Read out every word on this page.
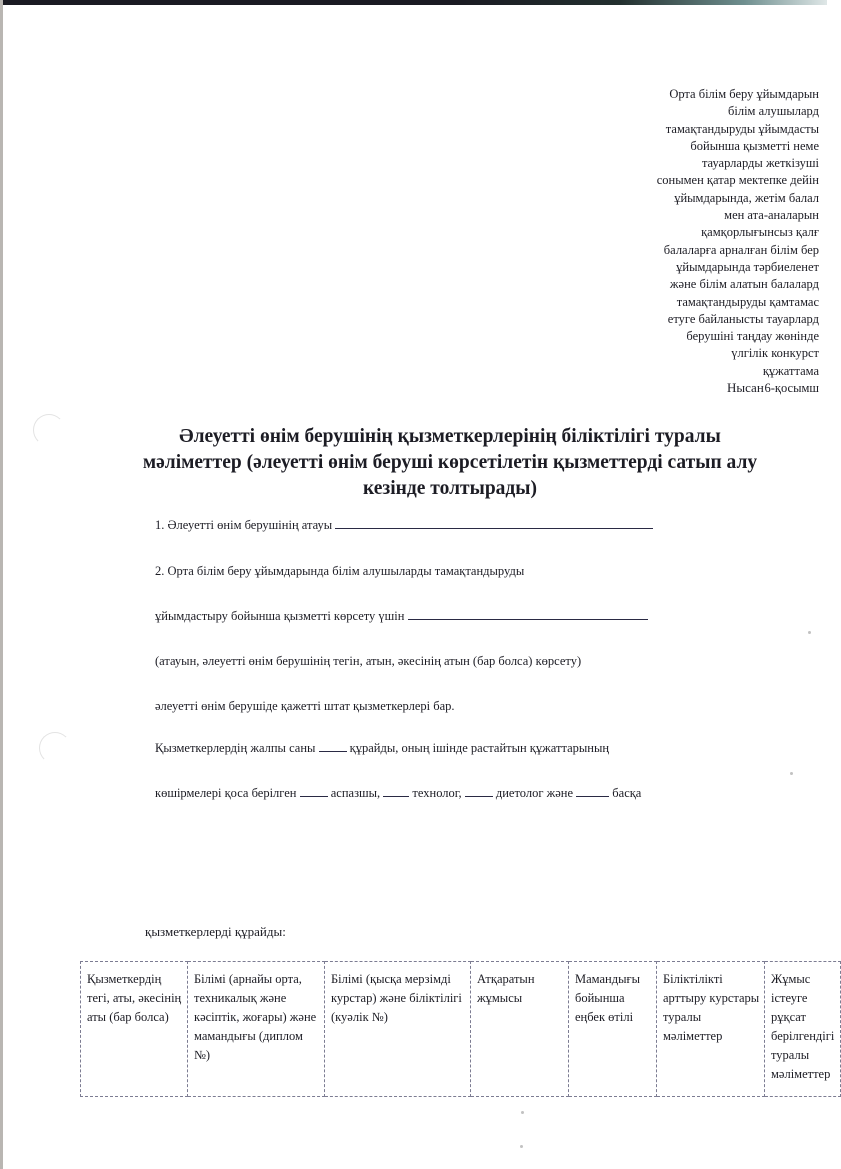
Орта білім беру ұйымдарын
білім алушылард
тамақтандыруды ұйымдасты
бойынша қызметті неме
тауарларды жеткізуші
сонымен қатар мектепке дейін
ұйымдарында, жетім балал
мен ата-аналарын
қамқорлығынсыз қалғ
балаларға арналған білім бер
ұйымдарында тәрбиеленет
және білім алатын балалард
тамақтандыруды қамтамас
етуге байланысты тауарлард
берушіні таңдау жөнінде
үлгілік конкурст
құжаттама
6-қосымш
Нысан
Әлеуетті өнім берушінің қызметкерлерінің біліктілігі туралы мәліметтер (әлеуетті өнім беруші көрсетілетін қызметтерді сатып алу кезінде толтырады)
1. Әлеуетті өнім берушінің атауы
2. Орта білім беру ұйымдарында білім алушыларды тамақтандыруды
ұйымдастыру бойынша қызметті көрсету үшін
(атауын, әлеуетті өнім берушінің тегін, атын, әкесінің атын (бар болса) көрсету)
әлеуетті өнім берушіде қажетті штат қызметкерлері бар.
Қызметкерлердің жалпы саны	құрайды, оның ішінде растайтын құжаттарының
көшірмелері қоса берілген	аспазшы,	технолог,	диетолог және	басқа
қызметкерлерді құрайды:
Қызметкердің тегі, аты, әкесінің аты (бар болса)	Білімі (арнайы орта, техникалық және кәсіптік, жоғары) және мамандығы (диплом №)	Білімі (қысқа мерзімді курстар) және біліктілігі (куәлік №)	Атқаратын жұмысы	Мамандығы бойынша еңбек өтілі	Біліктілікті арттыру курстары туралы мәліметтер	Жұмыс істеуге рұқсат берілгендігі туралы мәліметтер
